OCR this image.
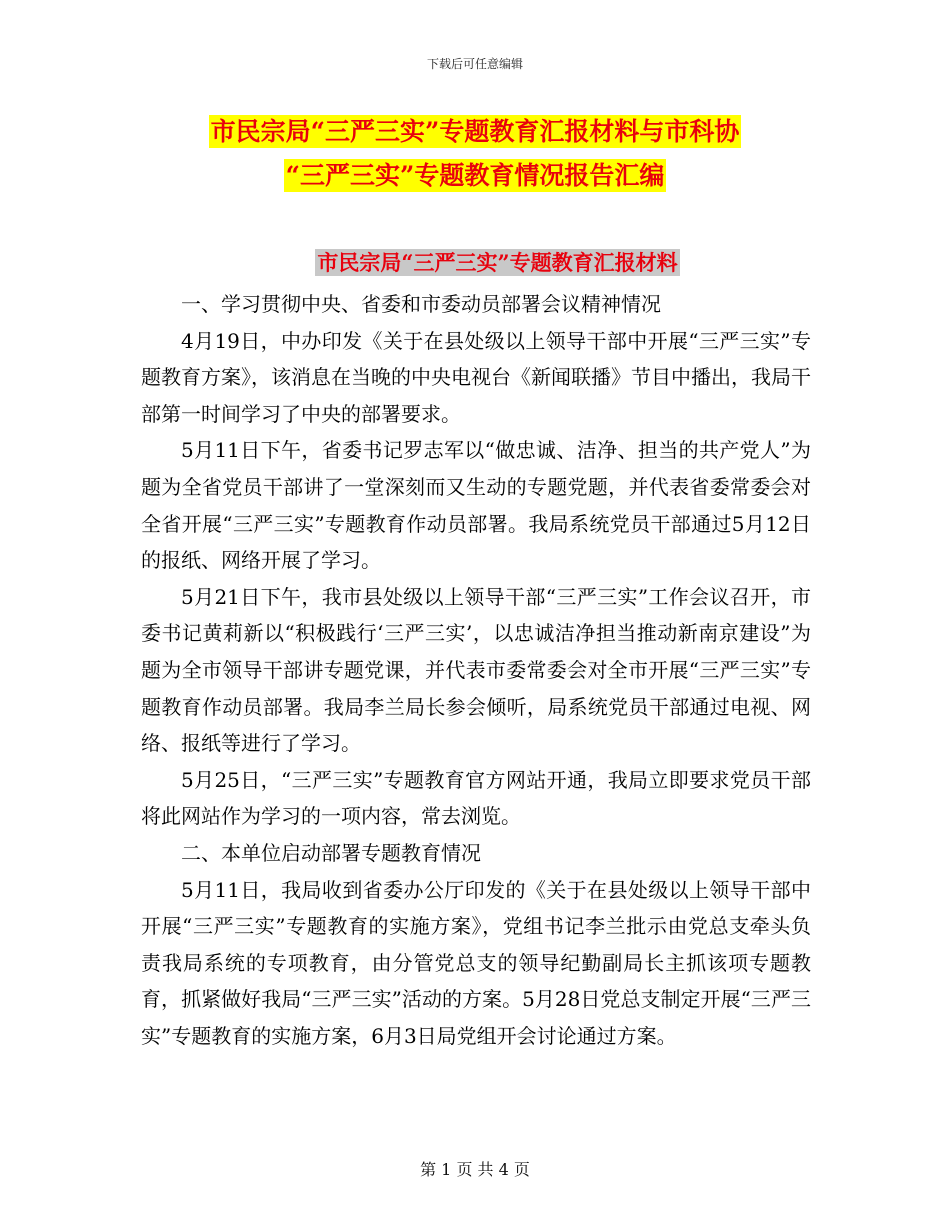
下载后可任意编辑
市民宗局“三严三实”专题教育汇报材料与市科协
“三严三实”专题教育情况报告汇编
市民宗局“三严三实”专题教育汇报材料

一、学习贯彻中央、省委和市委动员部署会议精神情况

4月19日，中办印发《关于在县处级以上领导干部中开展“三严三实”专题教育方案》，该消息在当晚的中央电视台《新闻联播》节目中播出，我局干部第一时间学习了中央的部署要求。

5月11日下午，省委书记罗志军以“做忠诚、洁净、担当的共产党人”为题为全省党员干部讲了一堂深刻而又生动的专题党题，并代表省委常委会对全省开展“三严三实”专题教育作动员部署。我局系统党员干部通过5月12日的报纸、网络开展了学习。

5月21日下午，我市县处级以上领导干部“三严三实”工作会议召开，市委书记黄莉新以“积极践行‘三严三实’，以忠诚洁净担当推动新南京建设”为题为全市领导干部讲专题党课，并代表市委常委会对全市开展“三严三实”专题教育作动员部署。我局李兰局长参会倾听，局系统党员干部通过电视、网络、报纸等进行了学习。

5月25日，“三严三实”专题教育官方网站开通，我局立即要求党员干部将此网站作为学习的一项内容，常去浏览。

二、本单位启动部署专题教育情况

5月11日，我局收到省委办公厅印发的《关于在县处级以上领导干部中开展“三严三实”专题教育的实施方案》，党组书记李兰批示由党总支牵头负责我局系统的专项教育，由分管党总支的领导纪勤副局长主抓该项专题教育，抓紧做好我局“三严三实”活动的方案。5月28日党总支制定开展“三严三实”专题教育的实施方案，6月3日局党组开会讨论通过方案。

第 1 页 共 4 页
